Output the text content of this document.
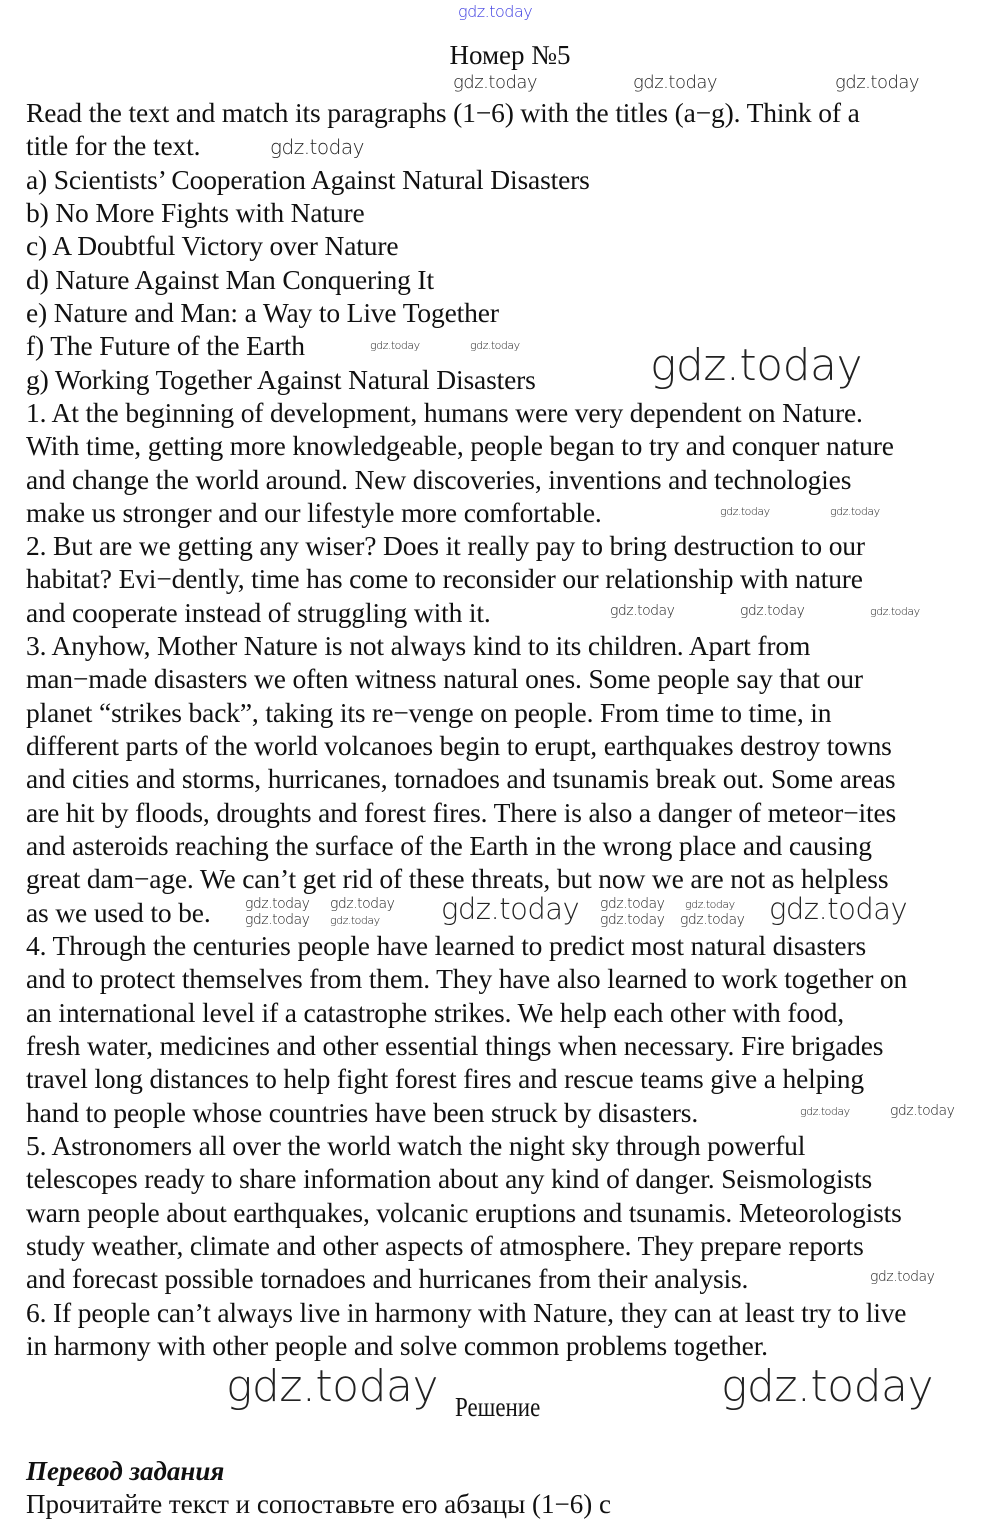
Номер №5
Read the text and match its paragraphs (1−6) with the titles (a−g). Think of a
title for the text.
a) Scientists’ Cooperation Against Natural Disasters
b) No More Fights with Nature
c) A Doubtful Victory over Nature
d) Nature Against Man Conquering It
e) Nature and Man: a Way to Live Together
f) The Future of the Earth
g) Working Together Against Natural Disasters
1. At the beginning of development, humans were very dependent on Nature.
With time, getting more knowledgeable, people began to try and conquer nature
and change the world around. New discoveries, inventions and technologies
make us stronger and our lifestyle more comfortable.
2. But are we getting any wiser? Does it really pay to bring destruction to our
habitat? Evi−dently, time has come to reconsider our relationship with nature
and cooperate instead of struggling with it.
3. Anyhow, Mother Nature is not always kind to its children. Apart from
man−made disasters we often witness natural ones. Some people say that our
planet “strikes back”, taking its re−venge on people. From time to time, in
different parts of the world volcanoes begin to erupt, earthquakes destroy towns
and cities and storms, hurricanes, tornadoes and tsunamis break out. Some areas
are hit by floods, droughts and forest fires. There is also a danger of meteor−ites
and asteroids reaching the surface of the Earth in the wrong place and causing
great dam−age. We can’t get rid of these threats, but now we are not as helpless
as we used to be.
4. Through the centuries people have learned to predict most natural disasters
and to protect themselves from them. They have also learned to work together on
an international level if a catastrophe strikes. We help each other with food,
fresh water, medicines and other essential things when necessary. Fire brigades
travel long distances to help fight forest fires and rescue teams give a helping
hand to people whose countries have been struck by disasters.
5. Astronomers all over the world watch the night sky through powerful
telescopes ready to share information about any kind of danger. Seismologists
warn people about earthquakes, volcanic eruptions and tsunamis. Meteorologists
study weather, climate and other aspects of atmosphere. They prepare reports
and forecast possible tornadoes and hurricanes from their analysis.
6. If people can’t always live in harmony with Nature, they can at least try to live
in harmony with other people and solve common problems together.
gdz.today
gdz.today	gdz.today	gdz.today
gdz.today
gdz.today	gdz.today	gdz.today
gdz.today	gdz.today
gdz.today	gdz.today	gdz.today
gdz.today	gdz.today
gdz.today
gdz.today
gdz.today
gdz.today gdz.today
gdz.today
gdz.today	gdz.today
gdz.today	gdz.today
gdz.today
gdz.today	gdz.today
Решение
Перевод задания
Прочитайте текст и сопоставьте его абзацы (1−6) с
